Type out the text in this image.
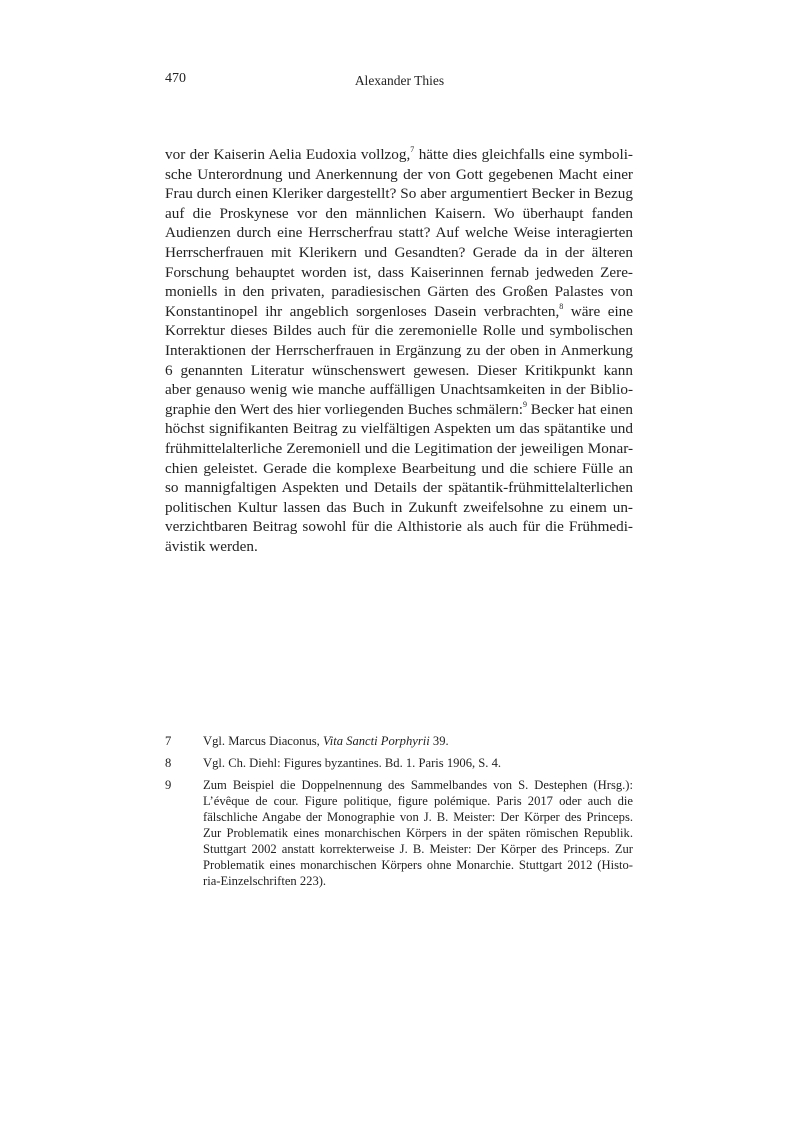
470	Alexander Thies
vor der Kaiserin Aelia Eudoxia vollzog,$^7$ hätte dies gleichfalls eine symboli-
sche Unterordnung und Anerkennung der von Gott gegebenen Macht einer
Frau durch einen Kleriker dargestellt? So aber argumentiert Becker in Bezug
auf die Proskynese vor den männlichen Kaisern. Wo überhaupt fanden
Audienzen durch eine Herrscherfrau statt? Auf welche Weise interagierten
Herrscherfrauen mit Klerikern und Gesandten? Gerade da in der älteren
Forschung behauptet worden ist, dass Kaiserinnen fernab jedweden Zere-
moniells in den privaten, paradiesischen Gärten des Großen Palastes von
Konstantinopel ihr angeblich sorgenloses Dasein verbrachten,$^8$ wäre eine
Korrektur dieses Bildes auch für die zeremonielle Rolle und symbolischen
Interaktionen der Herrscherfrauen in Ergänzung zu der oben in Anmerkung
6 genannten Literatur wünschenswert gewesen. Dieser Kritikpunkt kann
aber genauso wenig wie manche auffälligen Unachtsamkeiten in der Biblio-
graphie den Wert des hier vorliegenden Buches schmälern:$^9$ Becker hat einen
höchst signifikanten Beitrag zu vielfältigen Aspekten um das spätantike und
frühmittelalterliche Zeremoniell und die Legitimation der jeweiligen Monar-
chien geleistet. Gerade die komplexe Bearbeitung und die schiere Fülle an
so mannigfaltigen Aspekten und Details der spätantik-frühmittelalterlichen
politischen Kultur lassen das Buch in Zukunft zweifelsohne zu einem un-
verzichtbaren Beitrag sowohl für die Althistorie als auch für die Frühmedi-
ävistik werden.
7	Vgl. Marcus Diaconus, Vita Sancti Porphyrii 39.
8	Vgl. Ch. Diehl: Figures byzantines. Bd. 1. Paris 1906, S. 4.
9	Zum Beispiel die Doppelnennung des Sammelbandes von S. Destephen (Hrsg.):
L’évêque de cour. Figure politique, figure polémique. Paris 2017 oder auch die
fälschliche Angabe der Monographie von J. B. Meister: Der Körper des Princeps.
Zur Problematik eines monarchischen Körpers in der späten römischen Republik.
Stuttgart 2002 anstatt korrekterweise J. B. Meister: Der Körper des Princeps. Zur
Problematik eines monarchischen Körpers ohne Monarchie. Stuttgart 2012 (Histo-
ria-Einzelschriften 223).
